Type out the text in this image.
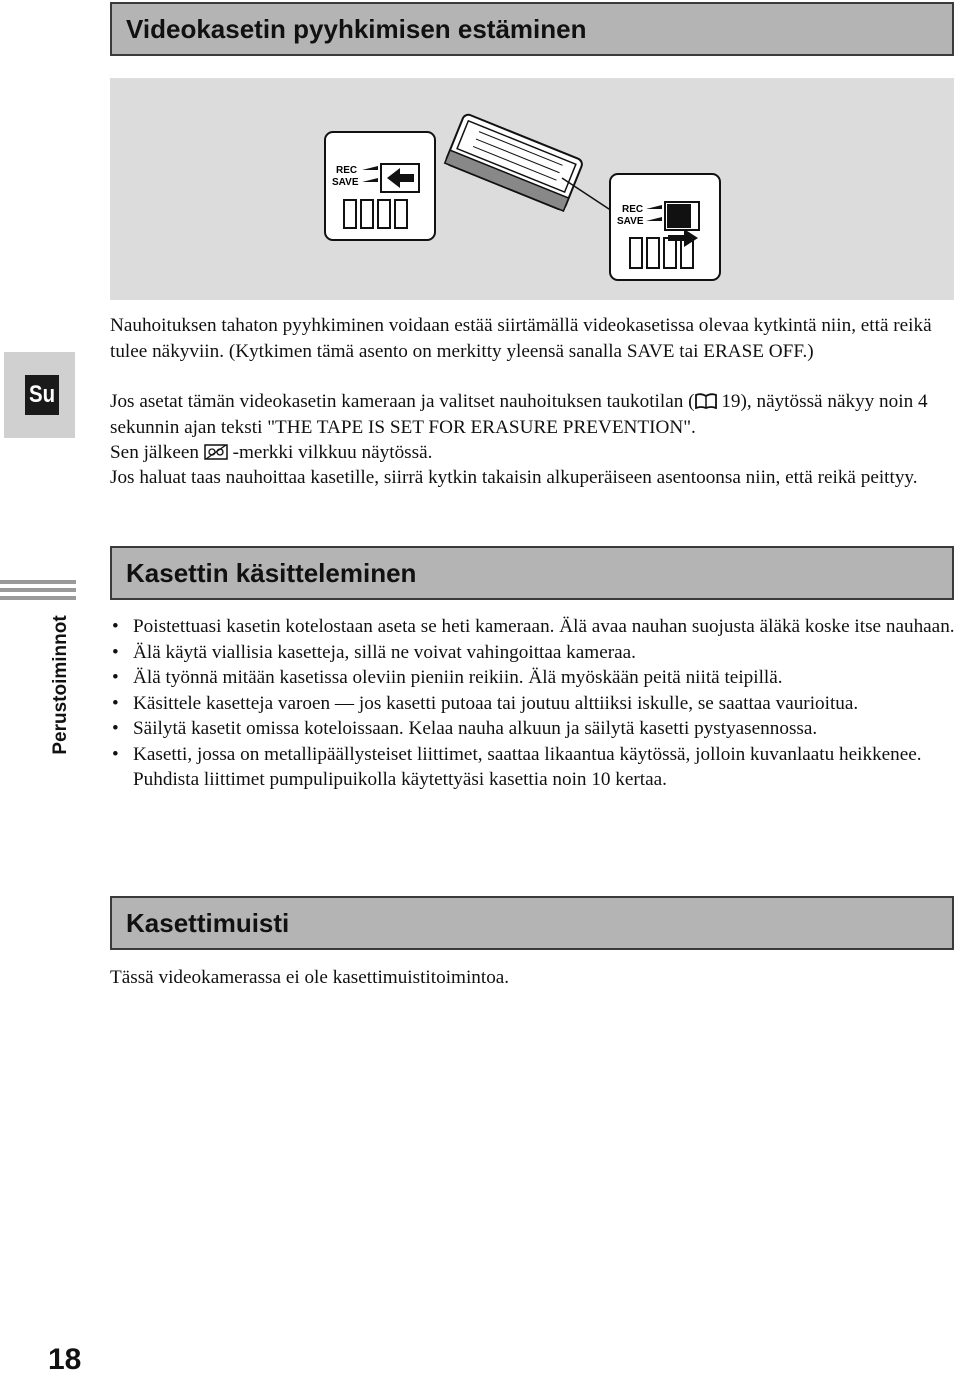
Videokasetin pyyhkimisen estäminen
REC
SAVE
REC
SAVE

Nauhoituksen tahaton pyyhkiminen voidaan estää siirtämällä videokasetissa olevaa kytkintä niin, että reikä tulee näkyviin. (Kytkimen tämä asento on merkitty yleensä sanalla SAVE tai ERASE OFF.)

Jos asetat tämän videokasetin kameraan ja valitset nauhoituksen taukotilan ( 19), näytössä näkyy noin 4 sekunnin ajan teksti "THE TAPE IS SET FOR ERASURE PREVENTION".

Sen jälkeen  -merkki vilkkuu näytössä.

Jos haluat taas nauhoittaa kasetille, siirrä kytkin takaisin alkuperäiseen asentoonsa niin, että reikä peittyy.

Kasettin käsitteleminen
• Poistettuasi kasetin kotelostaan aseta se heti kameraan. Älä avaa nauhan suojusta äläkä koske itse nauhaan.
• Älä käytä viallisia kasetteja, sillä ne voivat vahingoittaa kameraa.
• Älä työnnä mitään kasetissa oleviin pieniin reikiin. Älä myöskään peitä niitä teipillä.
• Käsittele kasetteja varoen — jos kasetti putoaa tai joutuu alttiiksi iskulle, se saattaa vaurioitua.
• Säilytä kasetit omissa koteloissaan. Kelaa nauha alkuun ja säilytä kasetti pystyasennossa.
• Kasetti, jossa on metallipäällysteiset liittimet, saattaa likaantua käytössä, jolloin kuvanlaatu heikkenee. Puhdista liittimet pumpulipuikolla käytettyäsi kasettia noin 10 kertaa.
Kasettimuisti

Tässä videokamerassa ei ole kasettimuistitoimintoa.

Su
Perustoiminnot
18
